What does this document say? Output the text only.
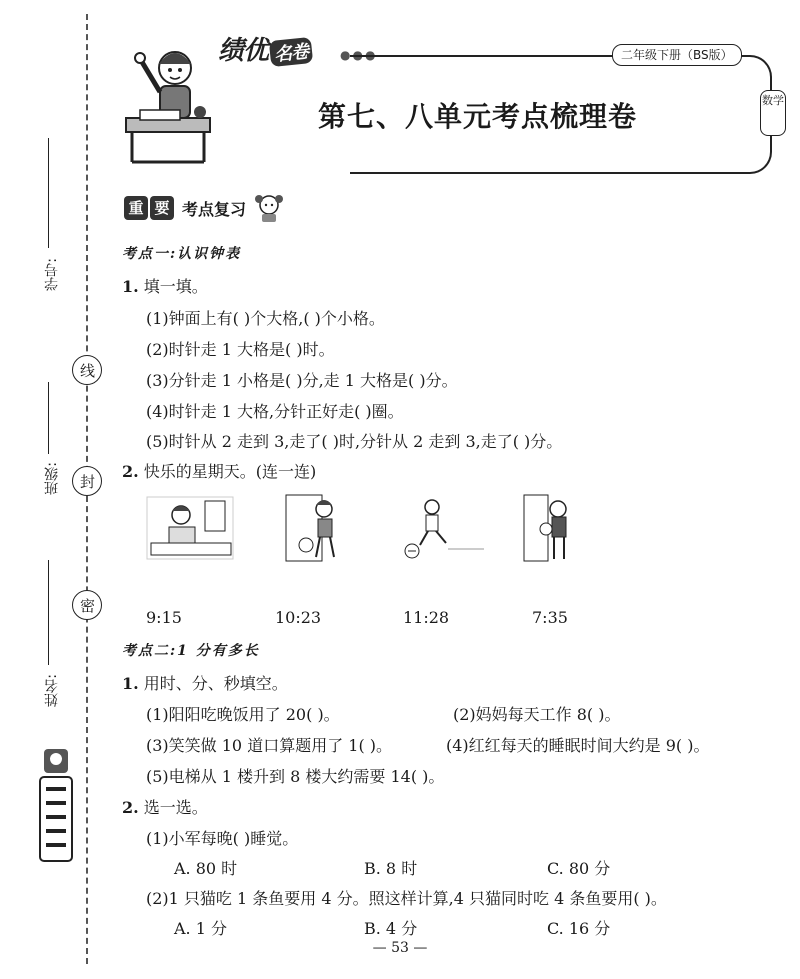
线
封
密
学号:
班级:
姓名:
绩优 名卷	●●●	二年级下册（BS版）
第七、八单元考点梳理卷	数学
重 要 考点复习
考点一:认识钟表
1. 填一填。
(1)钟面上有( )个大格,( )个小格。
(2)时针走 1 大格是( )时。
(3)分针走 1 小格是( )分,走 1 大格是( )分。
(4)时针走 1 大格,分针正好走( )圈。
(5)时针从 2 走到 3,走了( )时,分针从 2 走到 3,走了( )分。
2. 快乐的星期天。(连一连)
9:15	10:23	11:28	7:35
考点二:1 分有多长
1. 用时、分、秒填空。
(1)阳阳吃晚饭用了 20( )。	(2)妈妈每天工作 8( )。
(3)笑笑做 10 道口算题用了 1( )。	(4)红红每天的睡眠时间大约是 9( )。
(5)电梯从 1 楼升到 8 楼大约需要 14( )。
2. 选一选。
(1)小军每晚( )睡觉。
A. 80 时	B. 8 时	C. 80 分
(2)1 只猫吃 1 条鱼要用 4 分。照这样计算,4 只猫同时吃 4 条鱼要用( )。
A. 1 分	B. 4 分	C. 16 分
— 53 —
